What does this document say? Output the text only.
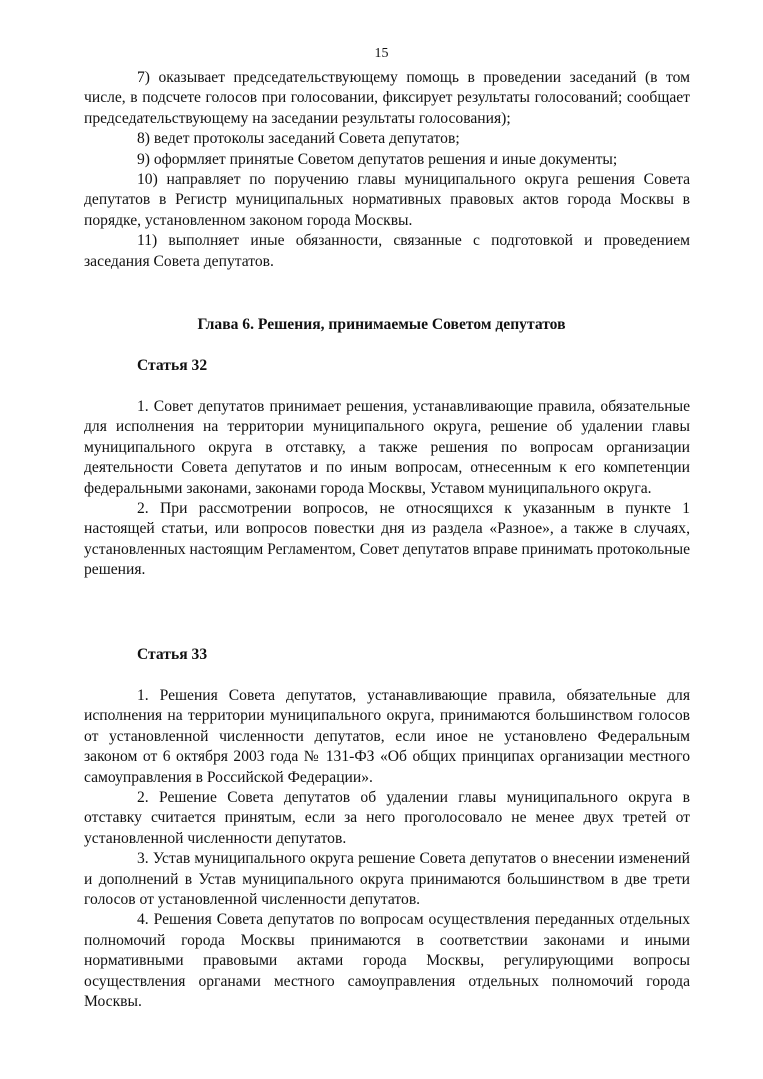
15

7) оказывает председательствующему помощь в проведении заседаний (в том числе, в подсчете голосов при голосовании, фиксирует результаты голосований; сообщает председательствующему на заседании результаты голосования);

8) ведет протоколы заседаний Совета депутатов;

9) оформляет принятые Советом депутатов решения и иные документы;

10) направляет по поручению главы муниципального округа решения Совета депутатов в Регистр муниципальных нормативных правовых актов города Москвы в порядке, установленном законом города Москвы.

11) выполняет иные обязанности, связанные с подготовкой и проведением заседания Совета депутатов.

Глава 6. Решения, принимаемые Советом депутатов
Статья 32

1. Совет депутатов принимает решения, устанавливающие правила, обязательные для исполнения на территории муниципального округа, решение об удалении главы муниципального округа в отставку, а также решения по вопросам организации деятельности Совета депутатов и по иным вопросам, отнесенным к его компетенции федеральными законами, законами города Москвы, Уставом муниципального округа.

2. При рассмотрении вопросов, не относящихся к указанным в пункте 1 настоящей статьи, или вопросов повестки дня из раздела «Разное», а также в случаях, установленных настоящим Регламентом, Совет депутатов вправе принимать протокольные решения.

Статья 33

1. Решения Совета депутатов, устанавливающие правила, обязательные для исполнения на территории муниципального округа, принимаются большинством голосов от установленной численности депутатов, если иное не установлено Федеральным законом от 6 октября 2003 года № 131-ФЗ «Об общих принципах организации местного самоуправления в Российской Федерации».

2. Решение Совета депутатов об удалении главы муниципального округа в отставку считается принятым, если за него проголосовало не менее двух третей от установленной численности депутатов.

3. Устав муниципального округа решение Совета депутатов о внесении изменений и дополнений в Устав муниципального округа принимаются большинством в две трети голосов от установленной численности депутатов.

4. Решения Совета депутатов по вопросам осуществления переданных отдельных полномочий города Москвы принимаются в соответствии законами и иными нормативными правовыми актами города Москвы, регулирующими вопросы осуществления органами местного самоуправления отдельных полномочий города Москвы.
